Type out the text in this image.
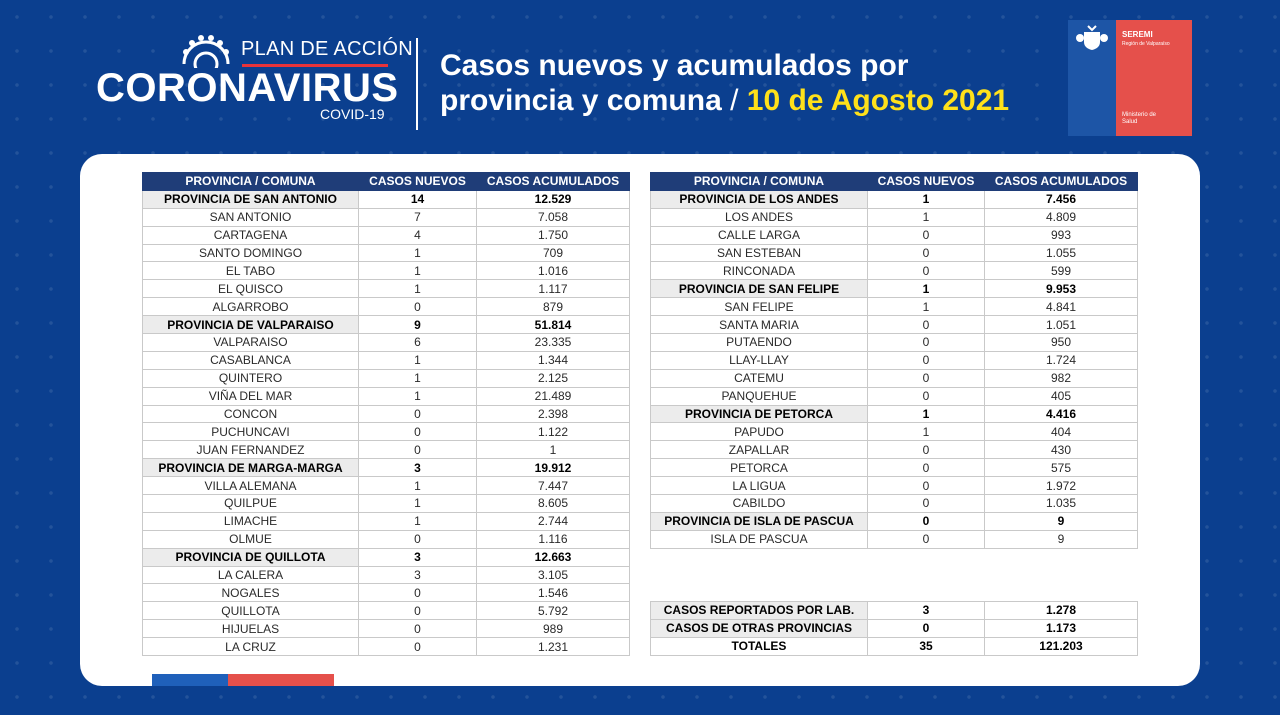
PLAN DE ACCIÓN
CORONAVIRUS
COVID-19
Casos nuevos y acumulados por
provincia y comuna / 10 de Agosto 2021
SEREMI
Región de Valparaíso
Ministerio de
Salud
PROVINCIA / COMUNA	CASOS NUEVOS	CASOS ACUMULADOS
PROVINCIA DE SAN ANTONIO	14	12.529
SAN ANTONIO	7	7.058
CARTAGENA	4	1.750
SANTO DOMINGO	1	709
EL TABO	1	1.016
EL QUISCO	1	1.117
ALGARROBO	0	879
PROVINCIA DE VALPARAISO	9	51.814
VALPARAISO	6	23.335
CASABLANCA	1	1.344
QUINTERO	1	2.125
VIÑA DEL MAR	1	21.489
CONCON	0	2.398
PUCHUNCAVI	0	1.122
JUAN FERNANDEZ	0	1
PROVINCIA DE MARGA-MARGA	3	19.912
VILLA ALEMANA	1	7.447
QUILPUE	1	8.605
LIMACHE	1	2.744
OLMUE	0	1.116
PROVINCIA DE QUILLOTA	3	12.663
LA CALERA	3	3.105
NOGALES	0	1.546
QUILLOTA	0	5.792
HIJUELAS	0	989
LA CRUZ	0	1.231
PROVINCIA / COMUNA	CASOS NUEVOS	CASOS ACUMULADOS
PROVINCIA DE LOS ANDES	1	7.456
LOS ANDES	1	4.809
CALLE LARGA	0	993
SAN ESTEBAN	0	1.055
RINCONADA	0	599
PROVINCIA DE SAN FELIPE	1	9.953
SAN FELIPE	1	4.841
SANTA MARIA	0	1.051
PUTAENDO	0	950
LLAY-LLAY	0	1.724
CATEMU	0	982
PANQUEHUE	0	405
PROVINCIA DE PETORCA	1	4.416
PAPUDO	1	404
ZAPALLAR	0	430
PETORCA	0	575
LA LIGUA	0	1.972
CABILDO	0	1.035
PROVINCIA DE ISLA DE PASCUA	0	9
ISLA DE PASCUA	0	9
CASOS REPORTADOS POR LAB.	3	1.278
CASOS DE OTRAS PROVINCIAS	0	1.173
TOTALES	35	121.203
